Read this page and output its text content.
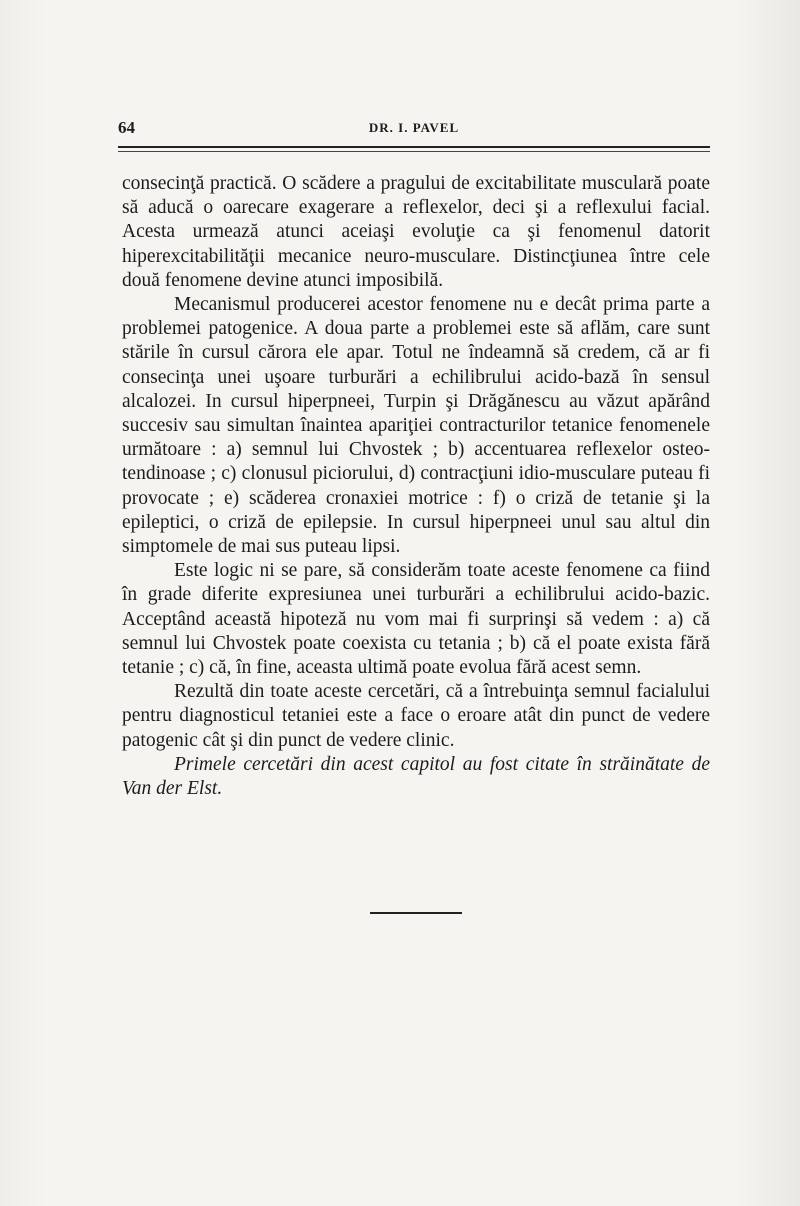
64	DR. I. PAVEL

consecinţă practică. O scădere a pragului de excitabilitate musculară poate să aducă o oarecare exagerare a reflexelor, deci şi a reflexului facial. Acesta urmează atunci aceiaşi evoluţie ca şi fenomenul datorit hiperexcitabilităţii mecanice neuro-musculare. Distincţiunea între cele două fenomene devine atunci imposibilă.

Mecanismul producerei acestor fenomene nu e decât prima parte a problemei patogenice. A doua parte a problemei este să aflăm, care sunt stările în cursul cărora ele apar. Totul ne îndeamnă să credem, că ar fi consecinţa unei uşoare turburări a echilibrului acido-bază în sensul alcalozei. In cursul hiperpneei, Turpin şi Drăgănescu au văzut apărând succesiv sau simultan înaintea apariţiei contracturilor tetanice fenomenele următoare : a) semnul lui Chvostek ; b) accentuarea reflexelor osteo-tendinoase ; c) clonusul piciorului, d) contracţiuni idio-musculare puteau fi provocate ; e) scăderea cronaxiei motrice : f) o criză de tetanie şi la epileptici, o criză de epilepsie. In cursul hiperpneei unul sau altul din simptomele de mai sus puteau lipsi.

Este logic ni se pare, să considerăm toate aceste fenomene ca fiind în grade diferite expresiunea unei turburări a echilibrului acido-bazic. Acceptând această hipoteză nu vom mai fi surprinşi să vedem : a) că semnul lui Chvostek poate coexista cu tetania ; b) că el poate exista fără tetanie ; c) că, în fine, aceasta ultimă poate evolua fără acest semn.

Rezultă din toate aceste cercetări, că a întrebuinţa semnul facialului pentru diagnosticul tetaniei este a face o eroare atât din punct de vedere patogenic cât şi din punct de vedere clinic.

Primele cercetări din acest capitol au fost citate în străinătate de Van der Elst.
